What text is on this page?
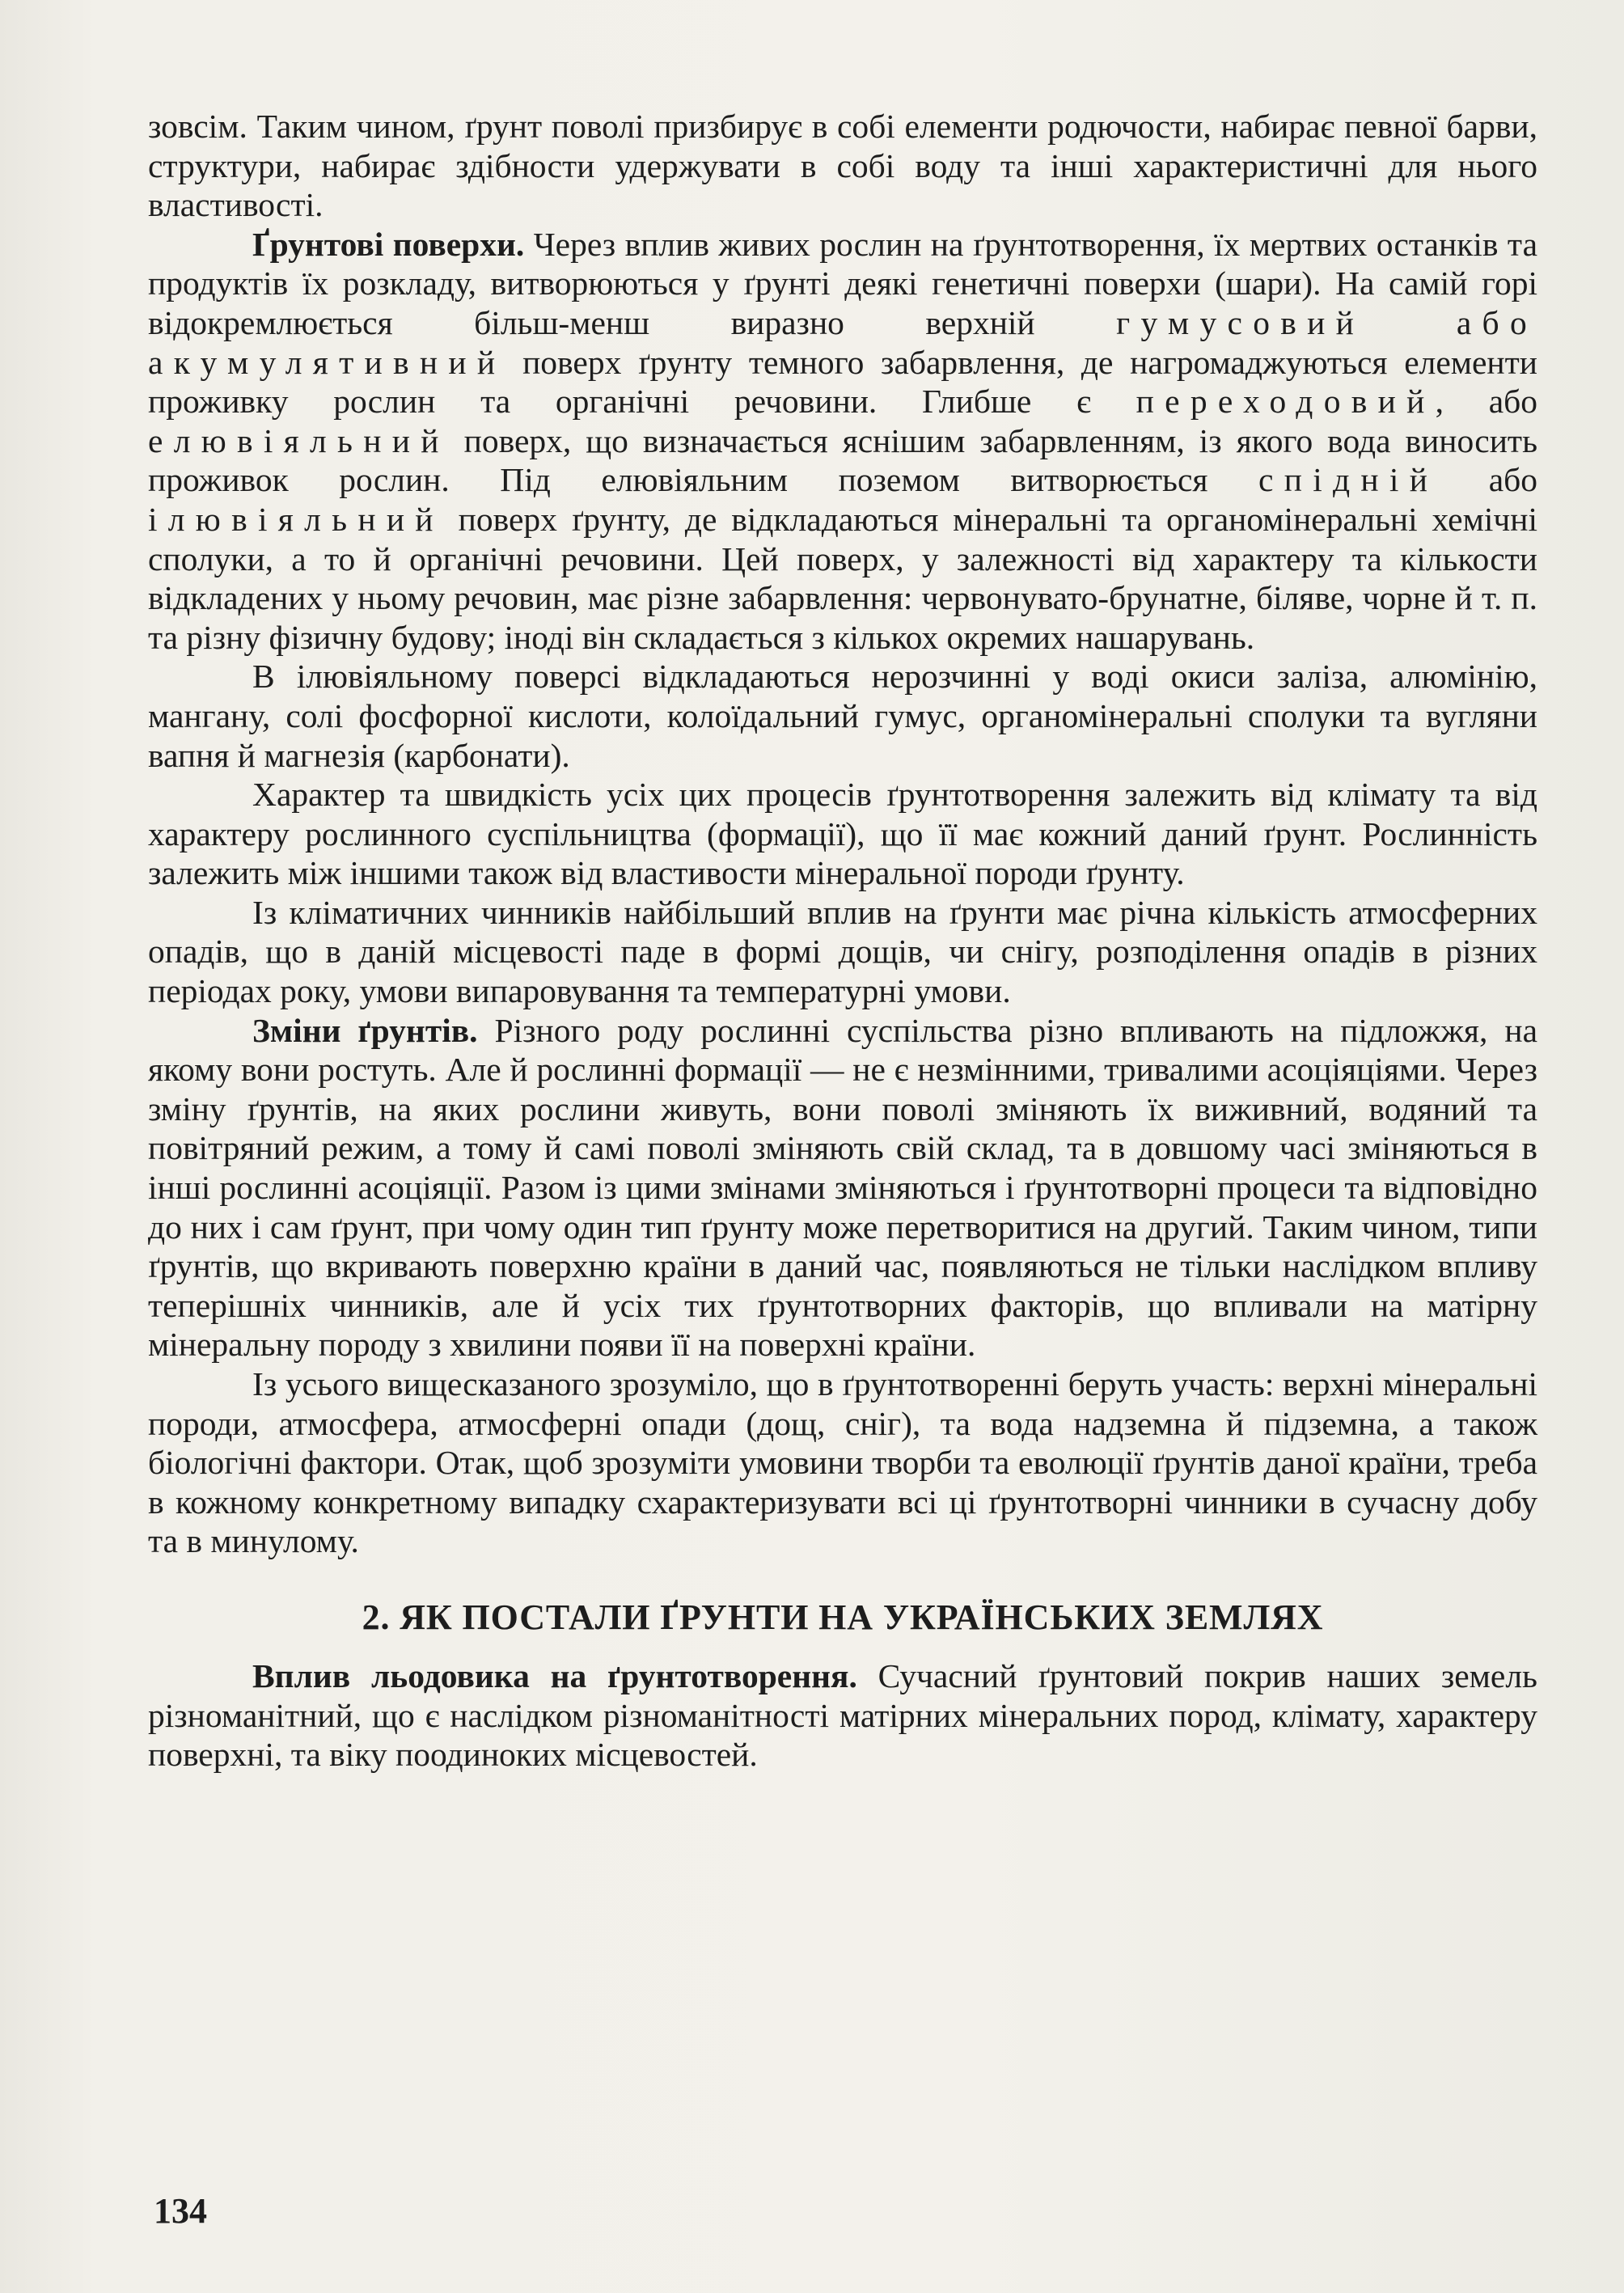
зовсім. Таким чином, ґрунт поволі призбирує в собі елементи родючости, набирає певної барви, структури, набирає здібности удержувати в собі воду та інші характеристичні для нього властивості.

Ґрунтові поверхи. Через вплив живих рослин на ґрунтотворення, їх мертвих останків та продуктів їх розкладу, витворюються у ґрунті деякі генетичні поверхи (шари). На самій горі відокремлюється більш-менш виразно верхній гумусовий або акумулятивний поверх ґрунту темного забарвлення, де нагромаджуються елементи проживку рослин та органічні речовини. Глибше є переходовий, або елювіяльний поверх, що визначається яснішим забарвленням, із якого вода виносить проживок рослин. Під елювіяльним поземом витворюється спідній або ілювіяльний поверх ґрунту, де відкладаються мінеральні та органомінеральні хемічні сполуки, а то й органічні речовини. Цей поверх, у залежності від характеру та кількости відкладених у ньому речовин, має різне забарвлення: червонувато-брунатне, біляве, чорне й т. п. та різну фізичну будову; іноді він складається з кількох окремих нашарувань.

В ілювіяльному поверсі відкладаються нерозчинні у воді окиси заліза, алюмінію, мангану, солі фосфорної кислоти, колоїдальний гумус, органомінеральні сполуки та вугляни вапня й магнезія (карбонати).

Характер та швидкість усіх цих процесів ґрунтотворення залежить від клімату та від характеру рослинного суспільництва (формації), що її має кожний даний ґрунт. Рослинність залежить між іншими також від властивости мінеральної породи ґрунту.

Із кліматичних чинників найбільший вплив на ґрунти має річна кількість атмосферних опадів, що в даній місцевості паде в формі дощів, чи снігу, розподілення опадів в різних періодах року, умови випаровування та температурні умови.

Зміни ґрунтів. Різного роду рослинні суспільства різно впливають на підложжя, на якому вони ростуть. Але й рослинні формації — не є незмінними, тривалими асоціяціями. Через зміну ґрунтів, на яких рослини живуть, вони поволі зміняють їх виживний, водяний та повітряний режим, а тому й самі поволі зміняють свій склад, та в довшому часі зміняються в інші рослинні асоціяції. Разом із цими змінами зміняються і ґрунтотворні процеси та відповідно до них і сам ґрунт, при чому один тип ґрунту може перетворитися на другий. Таким чином, типи ґрунтів, що вкривають поверхню країни в даний час, появляються не тільки наслідком впливу теперішніх чинників, але й усіх тих ґрунтотворних факторів, що впливали на матірну мінеральну породу з хвилини появи її на поверхні країни.

Із усього вищесказаного зрозуміло, що в ґрунтотворенні беруть участь: верхні мінеральні породи, атмосфера, атмосферні опади (дощ, сніг), та вода надземна й підземна, а також біологічні фактори. Отак, щоб зрозуміти умовини творби та еволюції ґрунтів даної країни, треба в кожному конкретному випадку схарактеризувати всі ці ґрунтотворні чинники в сучасну добу та в минулому.

2. ЯК ПОСТАЛИ ҐРУНТИ НА УКРАЇНСЬКИХ ЗЕМЛЯХ

Вплив льодовика на ґрунтотворення. Сучасний ґрунтовий покрив наших земель різноманітний, що є наслідком різноманітності матірних мінеральних пород, клімату, характеру поверхні, та віку поодиноких місцевостей.

134
